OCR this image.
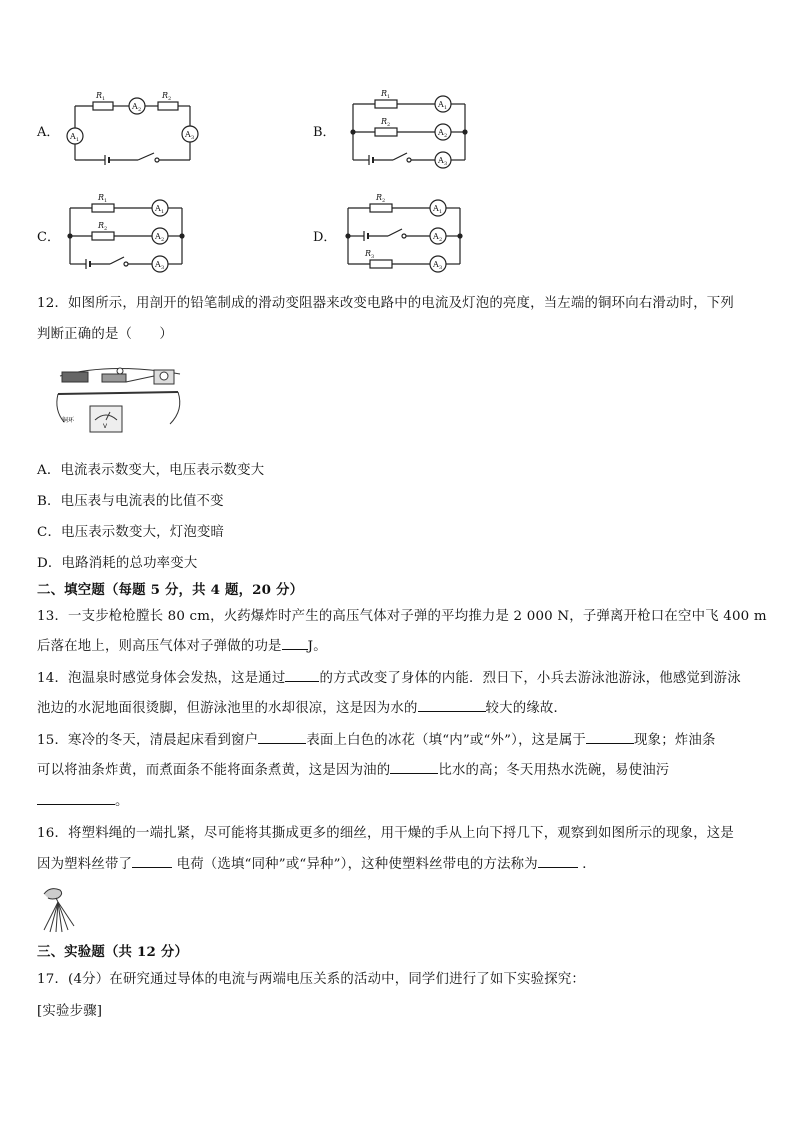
A．
R 1	R 2
A 1
A 2
A 3	B．
R 1
R 2
A 1
A 2
A 3
C．
R 1
R 2
A 1
A 2
A 3
D．
R 2
R 3
A 1
A 2
A 3
12．如图所示，用剖开的铅笔制成的滑动变阻器来改变电路中的电流及灯泡的亮度，当左端的铜环向右滑动时，下列
判断正确的是（　　）
铜环
V
A．电流表示数变大，电压表示数变大
B．电压表与电流表的比值不变
C．电压表示数变大，灯泡变暗
D．电路消耗的总功率变大
二、填空题（每题 5 分，共 4 题，20 分）
13．一支步枪枪膛长 80 cm，火药爆炸时产生的高压气体对子弹的平均推力是 2 000 N，子弹离开枪口在空中飞 400 m
后落在地上，则高压气体对子弹做的功是 J。
14．泡温泉时感觉身体会发热，这是通过	的方式改变了身体的内能．烈日下，小兵去游泳池游泳，他感觉到游泳
池边的水泥地面很烫脚，但游泳池里的水却很凉，这是因为水的	较大的缘故．
15．寒冷的冬天，清晨起床看到窗户	表面上白色的冰花（填“内”或“外”），这是属于	现象；炸油条
可以将油条炸黄，而煮面条不能将面条煮黄，这是因为油的	比水的高；冬天用热水洗碗，易使油污
。
16．将塑料绳的一端扎紧，尽可能将其撕成更多的细丝，用干燥的手从上向下捋几下，观察到如图所示的现象，这是
因为塑料丝带了	电荷（选填“同种”或“异种”），这种使塑料丝带电的方法称为	．
三、实验题（共 12 分）
17．(4分）在研究通过导体的电流与两端电压关系的活动中，同学们进行了如下实验探究：
[实验步骤]
